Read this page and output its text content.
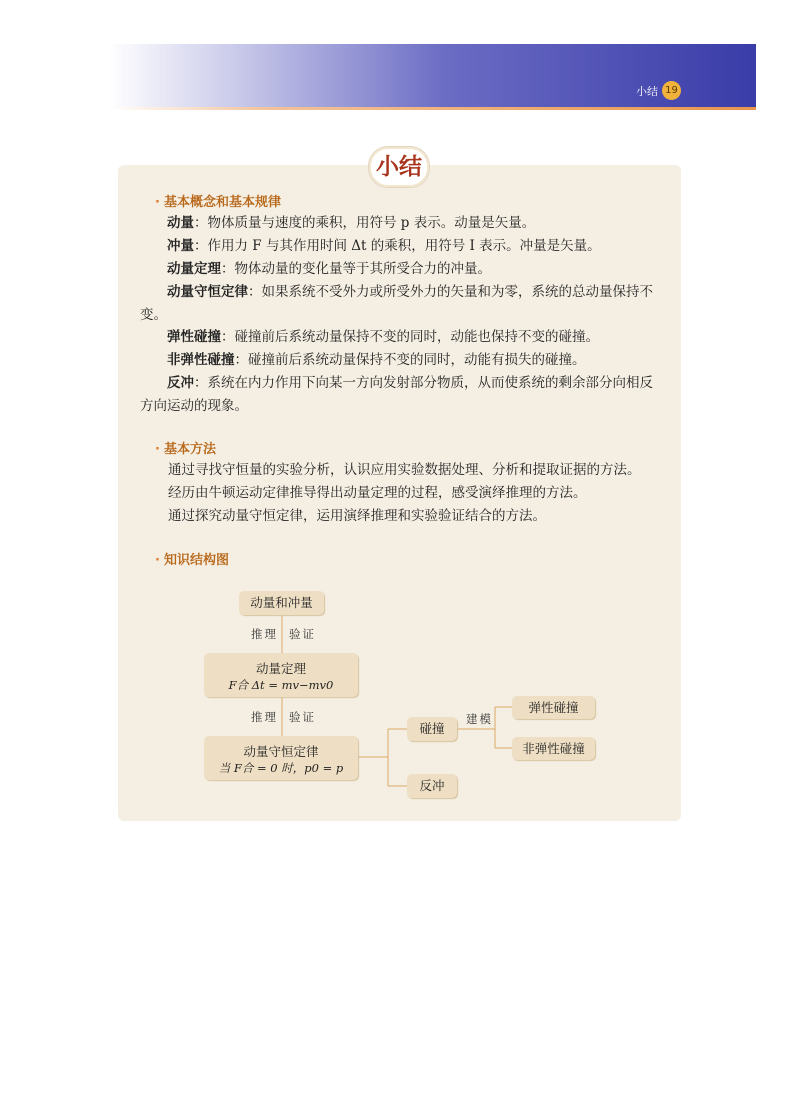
小结 19
小结
· 基本概念和基本规律
动量：物体质量与速度的乘积，用符号 p 表示。动量是矢量。
冲量：作用力 F 与其作用时间 Δt 的乘积，用符号 I 表示。冲量是矢量。
动量定理：物体动量的变化量等于其所受合力的冲量。
动量守恒定律：如果系统不受外力或所受外力的矢量和为零，系统的总动量保持不变。
弹性碰撞：碰撞前后系统动量保持不变的同时，动能也保持不变的碰撞。
非弹性碰撞：碰撞前后系统动量保持不变的同时，动能有损失的碰撞。
反冲：系统在内力作用下向某一方向发射部分物质，从而使系统的剩余部分向相反方向运动的现象。
· 基本方法
通过寻找守恒量的实验分析，认识应用实验数据处理、分析和提取证据的方法。
经历由牛顿运动定律推导得出动量定理的过程，感受演绎推理的方法。
通过探究动量守恒定律，运用演绎推理和实验验证结合的方法。
· 知识结构图
动量和冲量
推理 验证
动量定理
F合 Δt = mv−mv0
推理 验证
动量守恒定律
当 F合 = 0 时，p0 = p
碰撞
反冲
建模
弹性碰撞
非弹性碰撞
